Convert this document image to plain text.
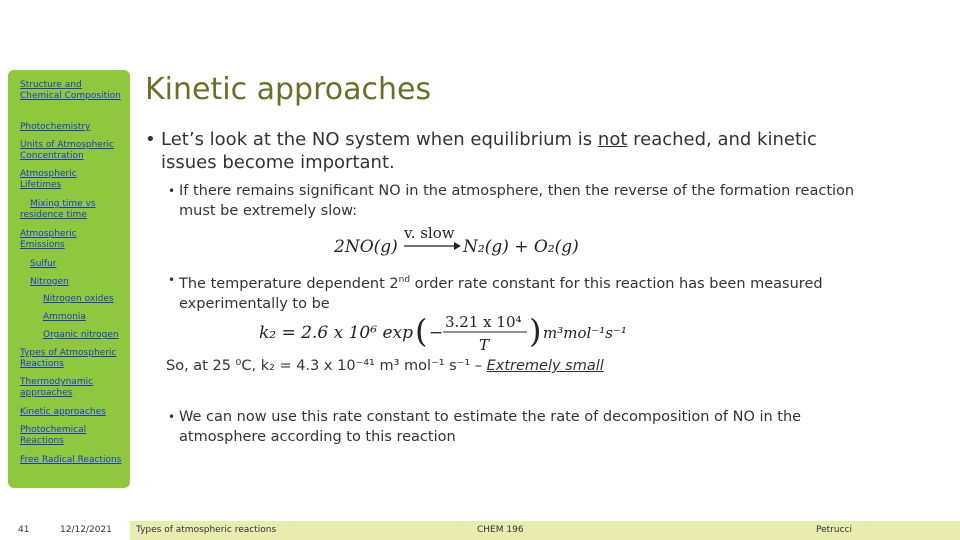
Structure and Chemical Composition
Photochemistry
Units of Atmospheric Concentration
Atmospheric Lifetimes
Mixing time vs residence time
Atmospheric Emissions
Sulfur
Nitrogen
Nitrogen oxides
Ammonia
Organic nitrogen
Types of Atmospheric Reactions
Thermodynamic approaches
Kinetic approaches
Photochemical Reactions
Free Radical Reactions
Kinetic approaches
• Let’s look at the NO system when equilibrium is not reached, and kinetic issues become important.
• If there remains significant NO in the atmosphere, then the reverse of the formation reaction must be extremely slow:
2NO(g)
v. slow
N₂(g) + O₂(g)
• The temperature dependent 2nd order rate constant for this reaction has been measured experimentally to be
k₂ = 2.6 x 10⁶ exp ( −
3.21 x 10⁴
T ) m³mol⁻¹s⁻¹
So, at 25 ⁰C, k₂ = 4.3 x 10⁻⁴¹ m³ mol⁻¹ s⁻¹ – Extremely small
• We can now use this rate constant to estimate the rate of decomposition of NO in the atmosphere according to this reaction
41	12/12/2021	Types of atmospheric reactions	CHEM 196	Petrucci
